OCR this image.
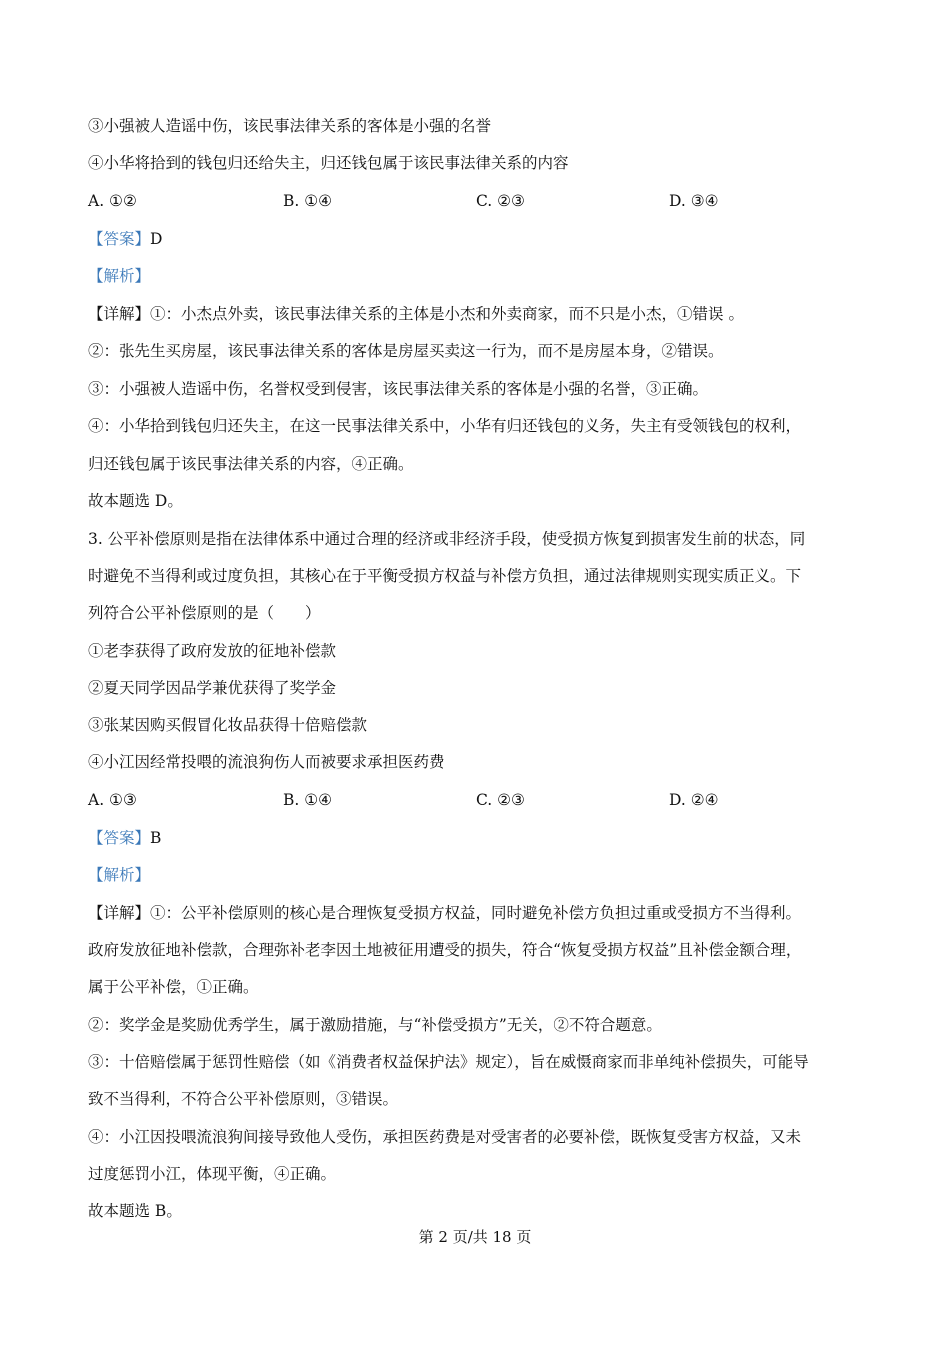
③小强被人造谣中伤，该民事法律关系的客体是小强的名誉
④小华将拾到的钱包归还给失主，归还钱包属于该民事法律关系的内容
A. ①②	B. ①④	C. ②③	D. ③④
【答案】D
【解析】
【详解】①：小杰点外卖，该民事法律关系的主体是小杰和外卖商家，而不只是小杰，①错误 。
②：张先生买房屋，该民事法律关系的客体是房屋买卖这一行为，而不是房屋本身，②错误。
③：小强被人造谣中伤，名誉权受到侵害，该民事法律关系的客体是小强的名誉，③正确。
④：小华拾到钱包归还失主，在这一民事法律关系中，小华有归还钱包的义务，失主有受领钱包的权利，
归还钱包属于该民事法律关系的内容，④正确。
故本题选 D。
3. 公平补偿原则是指在法律体系中通过合理的经济或非经济手段，使受损方恢复到损害发生前的状态，同
时避免不当得利或过度负担，其核心在于平衡受损方权益与补偿方负担，通过法律规则实现实质正义。下
列符合公平补偿原则的是（　　）
①老李获得了政府发放的征地补偿款
②夏天同学因品学兼优获得了奖学金
③张某因购买假冒化妆品获得十倍赔偿款
④小江因经常投喂的流浪狗伤人而被要求承担医药费
A. ①③	B. ①④	C. ②③	D. ②④
【答案】B
【解析】
【详解】①：公平补偿原则的核心是合理恢复受损方权益，同时避免补偿方负担过重或受损方不当得利。
政府发放征地补偿款，合理弥补老李因土地被征用遭受的损失，符合“恢复受损方权益”且补偿金额合理，
属于公平补偿，①正确。
②：奖学金是奖励优秀学生，属于激励措施，与“补偿受损方”无关，②不符合题意。
③：十倍赔偿属于惩罚性赔偿（如《消费者权益保护法》规定），旨在威慑商家而非单纯补偿损失，可能导
致不当得利，不符合公平补偿原则，③错误。
④：小江因投喂流浪狗间接导致他人受伤，承担医药费是对受害者的必要补偿，既恢复受害方权益，又未
过度惩罚小江，体现平衡，④正确。
故本题选 B。
第 2 页/共 18 页
